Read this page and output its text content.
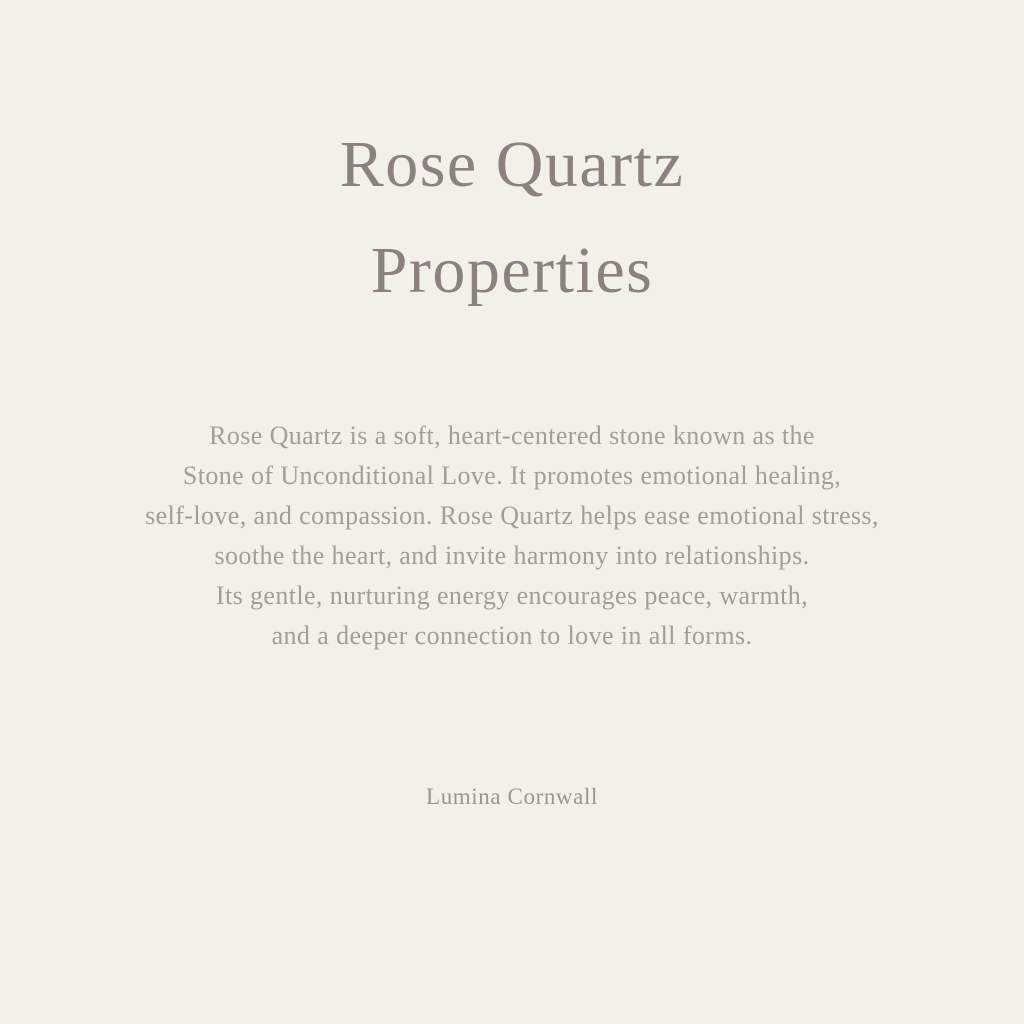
Rose Quartz
Properties

Rose Quartz is a soft, heart-centered stone known as the
Stone of Unconditional Love. It promotes emotional healing,
self-love, and compassion. Rose Quartz helps ease emotional stress,
soothe the heart, and invite harmony into relationships.
Its gentle, nurturing energy encourages peace, warmth,
and a deeper connection to love in all forms.

Lumina Cornwall
